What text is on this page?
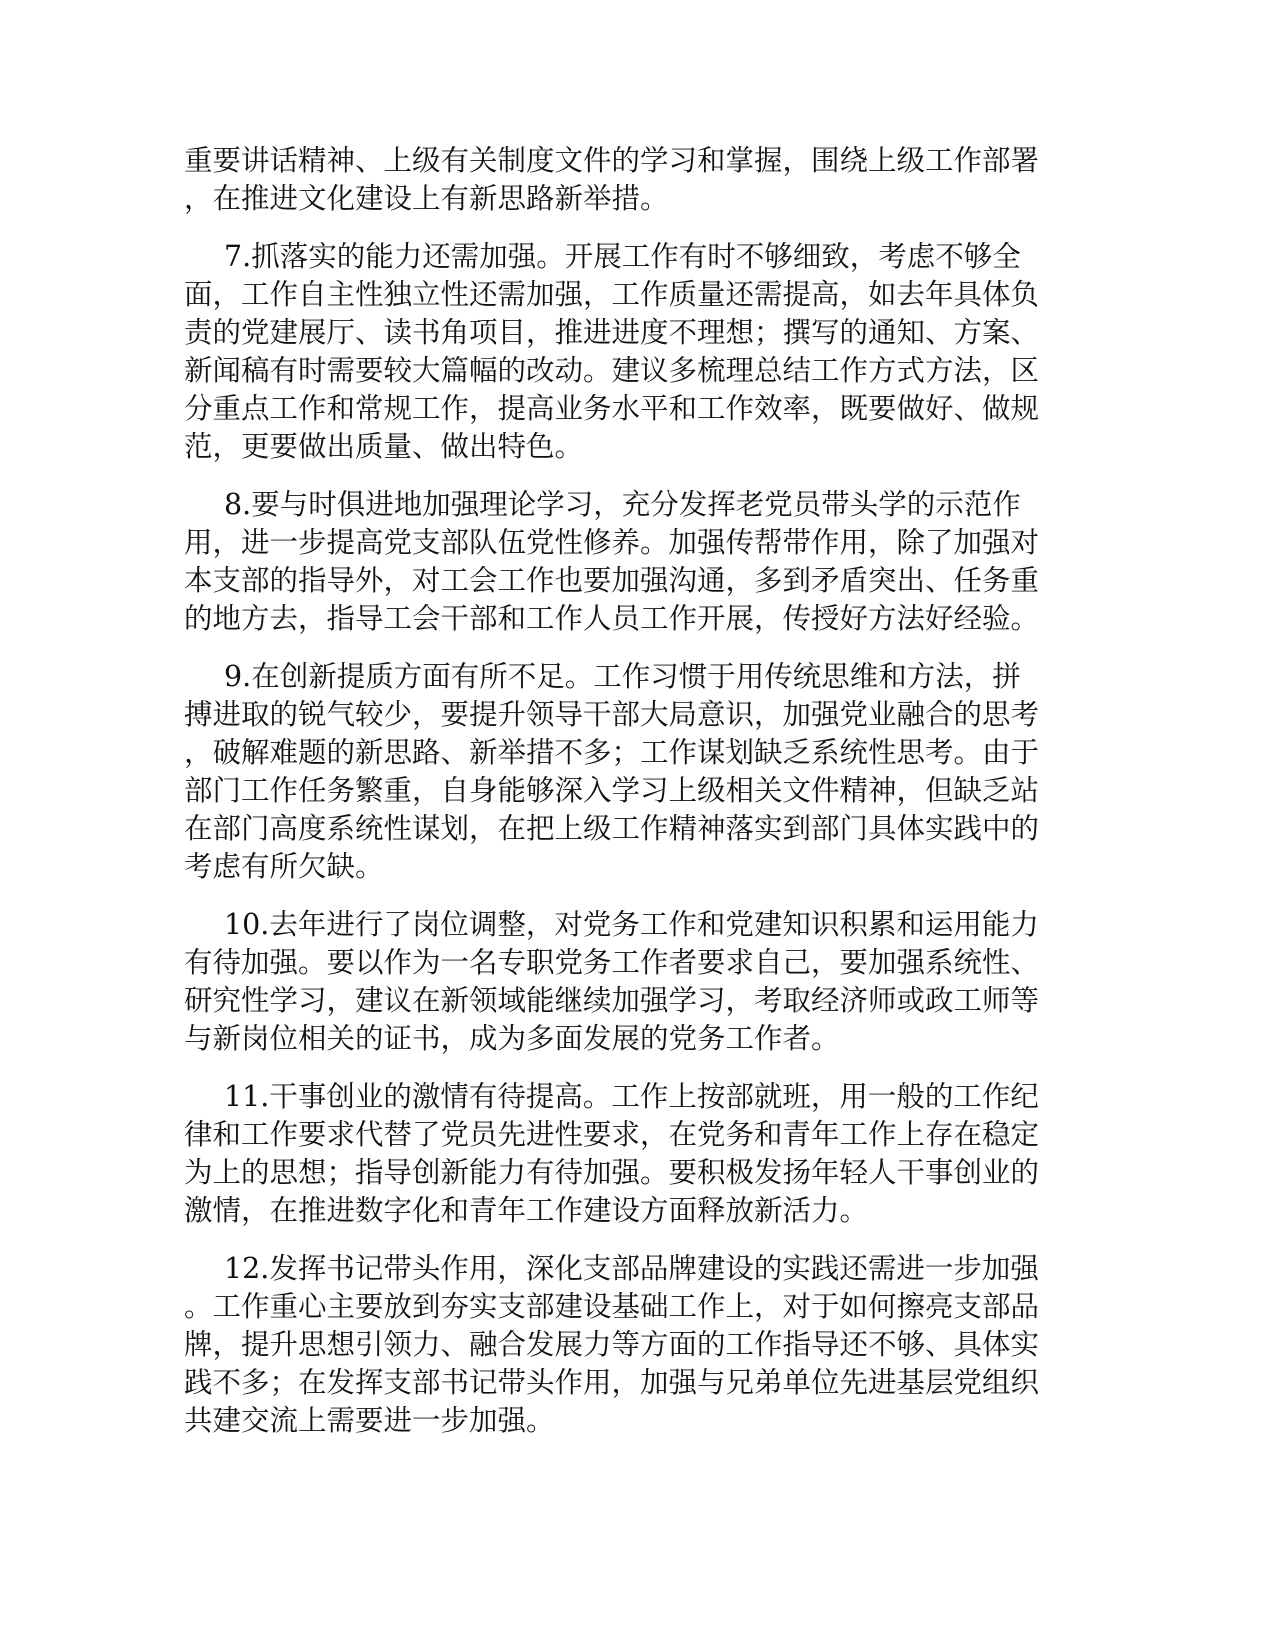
重要讲话精神、上级有关制度文件的学习和掌握，围绕上级工作部署，在推进文化建设上有新思路新举措。

7.抓落实的能力还需加强。开展工作有时不够细致，考虑不够全面，工作自主性独立性还需加强，工作质量还需提高，如去年具体负责的党建展厅、读书角项目，推进进度不理想；撰写的通知、方案、新闻稿有时需要较大篇幅的改动。建议多梳理总结工作方式方法，区分重点工作和常规工作，提高业务水平和工作效率，既要做好、做规范，更要做出质量、做出特色。

8.要与时俱进地加强理论学习，充分发挥老党员带头学的示范作用，进一步提高党支部队伍党性修养。加强传帮带作用，除了加强对本支部的指导外，对工会工作也要加强沟通，多到矛盾突出、任务重的地方去，指导工会干部和工作人员工作开展，传授好方法好经验。

9.在创新提质方面有所不足。工作习惯于用传统思维和方法，拼搏进取的锐气较少，要提升领导干部大局意识，加强党业融合的思考，破解难题的新思路、新举措不多；工作谋划缺乏系统性思考。由于部门工作任务繁重，自身能够深入学习上级相关文件精神，但缺乏站在部门高度系统性谋划，在把上级工作精神落实到部门具体实践中的考虑有所欠缺。

10.去年进行了岗位调整，对党务工作和党建知识积累和运用能力有待加强。要以作为一名专职党务工作者要求自己，要加强系统性、研究性学习，建议在新领域能继续加强学习，考取经济师或政工师等与新岗位相关的证书，成为多面发展的党务工作者。

11.干事创业的激情有待提高。工作上按部就班，用一般的工作纪律和工作要求代替了党员先进性要求，在党务和青年工作上存在稳定为上的思想；指导创新能力有待加强。要积极发扬年轻人干事创业的激情，在推进数字化和青年工作建设方面释放新活力。

12.发挥书记带头作用，深化支部品牌建设的实践还需进一步加强。工作重心主要放到夯实支部建设基础工作上，对于如何擦亮支部品牌，提升思想引领力、融合发展力等方面的工作指导还不够、具体实践不多；在发挥支部书记带头作用，加强与兄弟单位先进基层党组织共建交流上需要进一步加强。
